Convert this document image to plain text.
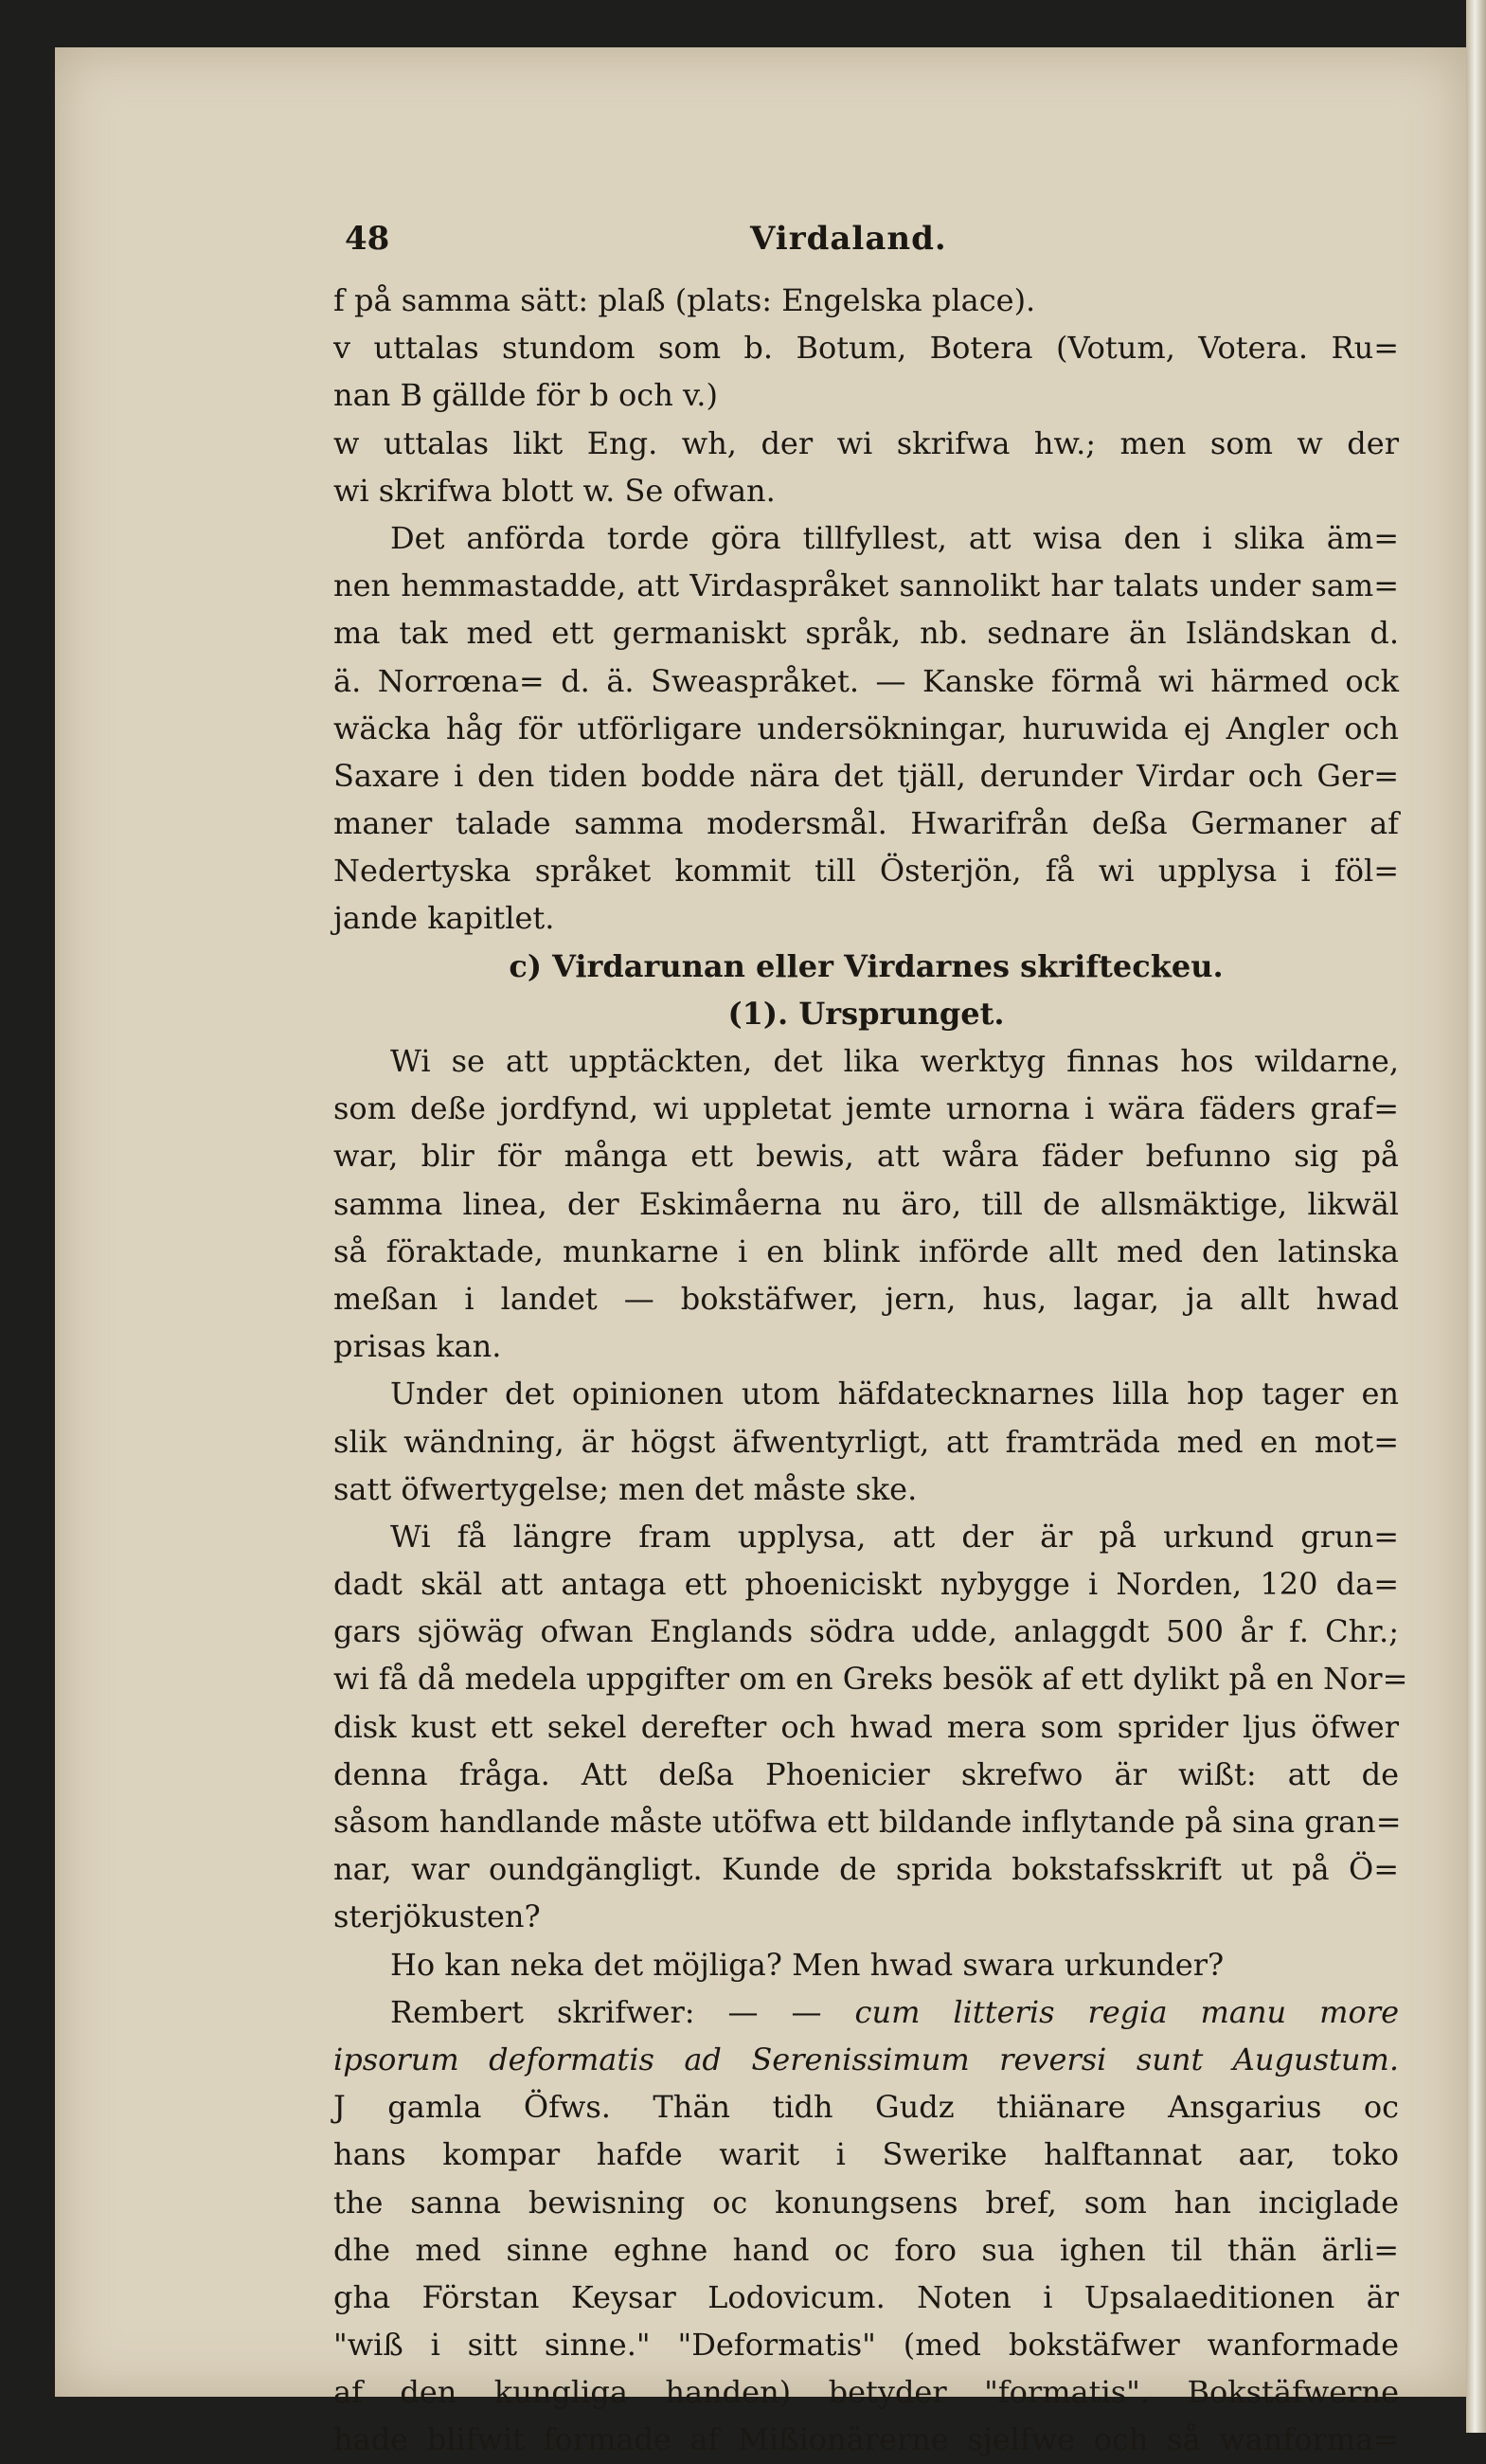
48	Virdaland.
f på samma sätt: plaß (plats: Engelska place).
v uttalas stundom som b. Botum, Botera (Votum, Votera. Ru=
nan B gällde för b och v.)
w uttalas likt Eng. wh, der wi skrifwa hw.; men som w der
wi skrifwa blott w. Se ofwan.
Det anförda torde göra tillfyllest, att wisa den i slika äm=
nen hemmastadde, att Virdaspråket sannolikt har talats under sam=
ma tak med ett germaniskt språk, nb. sednare än Isländskan d.
ä. Norrœna= d. ä. Sweaspråket. — Kanske förmå wi härmed ock
wäcka håg för utförligare undersökningar, huruwida ej Angler och
Saxare i den tiden bodde nära det tjäll, derunder Virdar och Ger=
maner talade samma modersmål. Hwarifrån deßa Germaner af
Nedertyska språket kommit till Österjön, få wi upplysa i föl=
jande kapitlet.
c) Virdarunan eller Virdarnes skrifteckeu.
(1). Ursprunget.
Wi se att upptäckten, det lika werktyg finnas hos wildarne,
som deße jordfynd, wi uppletat jemte urnorna i wära fäders graf=
war, blir för många ett bewis, att wåra fäder befunno sig på
samma linea, der Eskimåerna nu äro, till de allsmäktige, likwäl
så föraktade, munkarne i en blink införde allt med den latinska
meßan i landet — bokstäfwer, jern, hus, lagar, ja allt hwad
prisas kan.
Under det opinionen utom häfdatecknarnes lilla hop tager en
slik wändning, är högst äfwentyrligt, att framträda med en mot=
satt öfwertygelse; men det måste ske.
Wi få längre fram upplysa, att der är på urkund grun=
dadt skäl att antaga ett phoeniciskt nybygge i Norden, 120 da=
gars sjöwäg ofwan Englands södra udde, anlaggdt 500 år f. Chr.;
wi få då medela uppgifter om en Greks besök af ett dylikt på en Nor=
disk kust ett sekel derefter och hwad mera som sprider ljus öfwer
denna fråga. Att deßa Phoenicier skrefwo är wißt: att de
såsom handlande måste utöfwa ett bildande inflytande på sina gran=
nar, war oundgängligt. Kunde de sprida bokstafsskrift ut på Ö=
sterjökusten?
Ho kan neka det möjliga? Men hwad swara urkunder?
Rembert skrifwer: — — cum litteris regia manu more
ipsorum deformatis ad Serenissimum reversi sunt Augustum.
J gamla Öfws. Thän tidh Gudz thiänare Ansgarius oc
hans kompar hafde warit i Swerike halftannat aar, toko
the sanna bewisning oc konungsens bref, som han inciglade
dhe med sinne eghne hand oc foro sua ighen til thän ärli=
gha Förstan Keysar Lodovicum. Noten i Upsalaeditionen är
"wiß i sitt sinne." "Deformatis" (med bokstäfwer wanformade
af den kungliga handen) betyder "formatis". Bokstäfwerne
hade blifwit formade af Mißionärerne sjelfwe och så wanforma=
